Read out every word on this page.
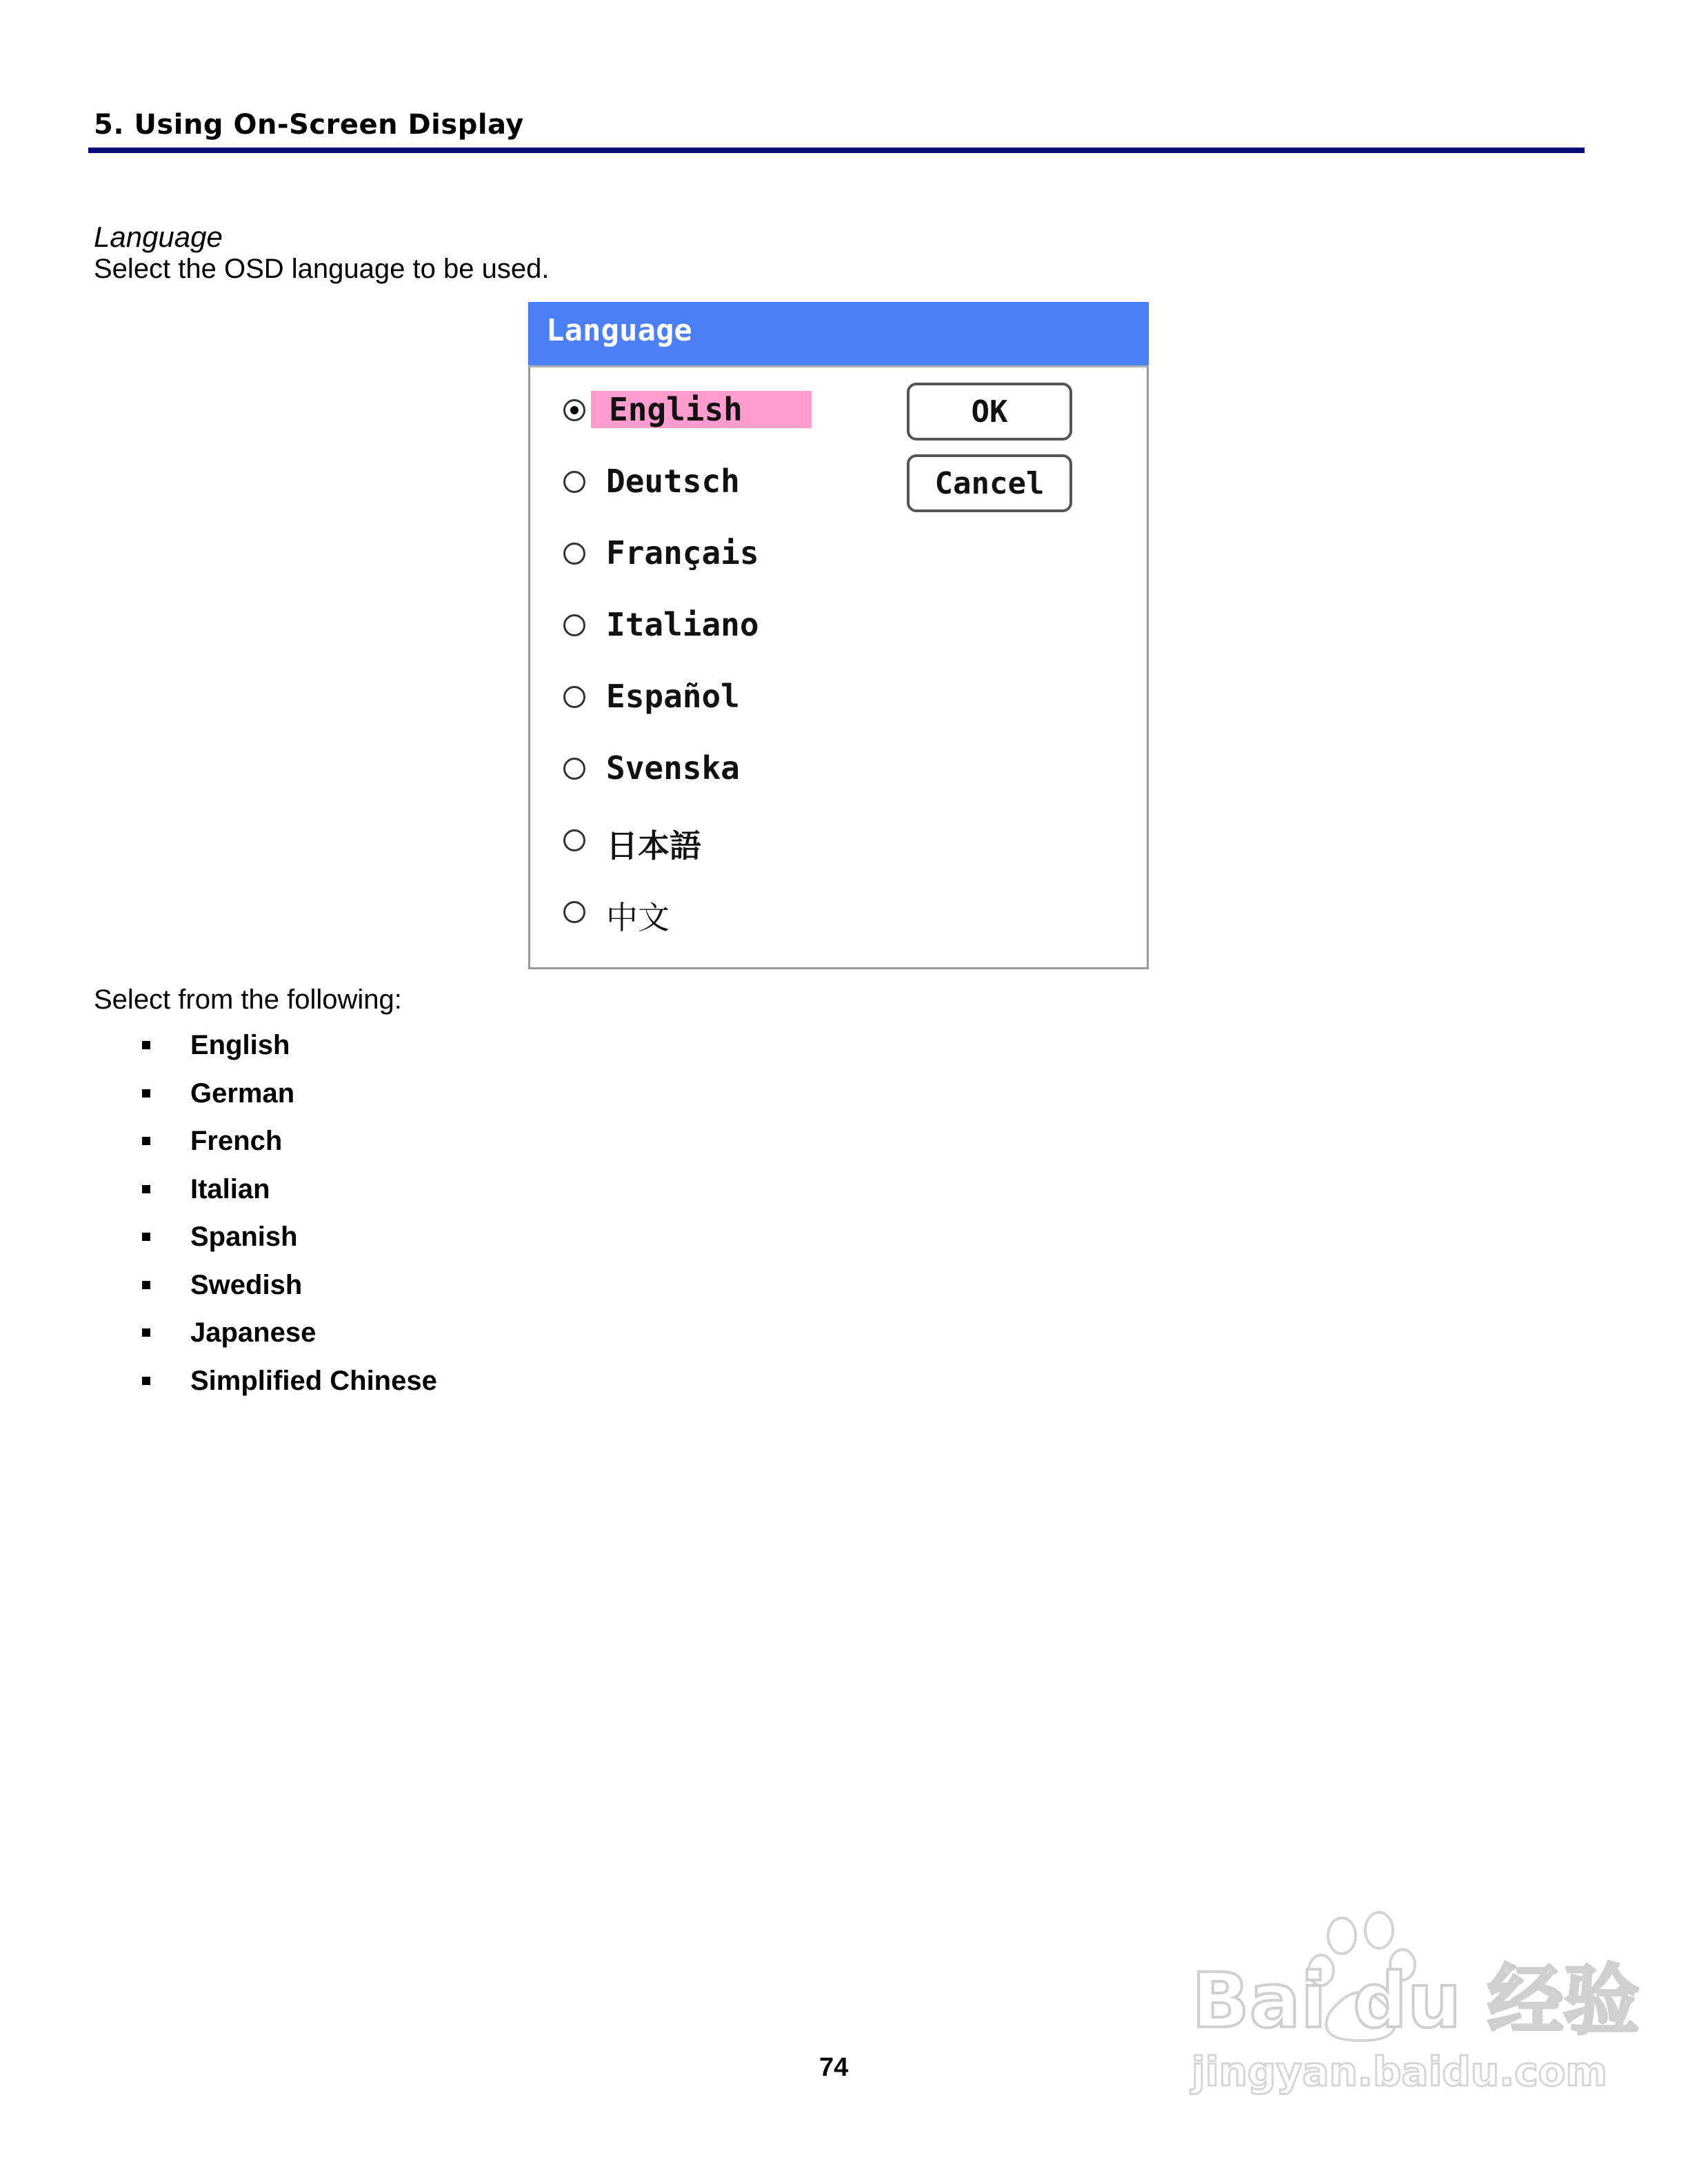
5. Using On-Screen Display
Language
Select the OSD language to be used.
Language
English
Deutsch
Français
Italiano
Español
Svenska
日本語
中文
OK
Cancel
Select from the following:
English
German
French
Italian
Spanish
Swedish
Japanese
Simplified Chinese
74
Bai du 经验
jingyan.baidu.com
